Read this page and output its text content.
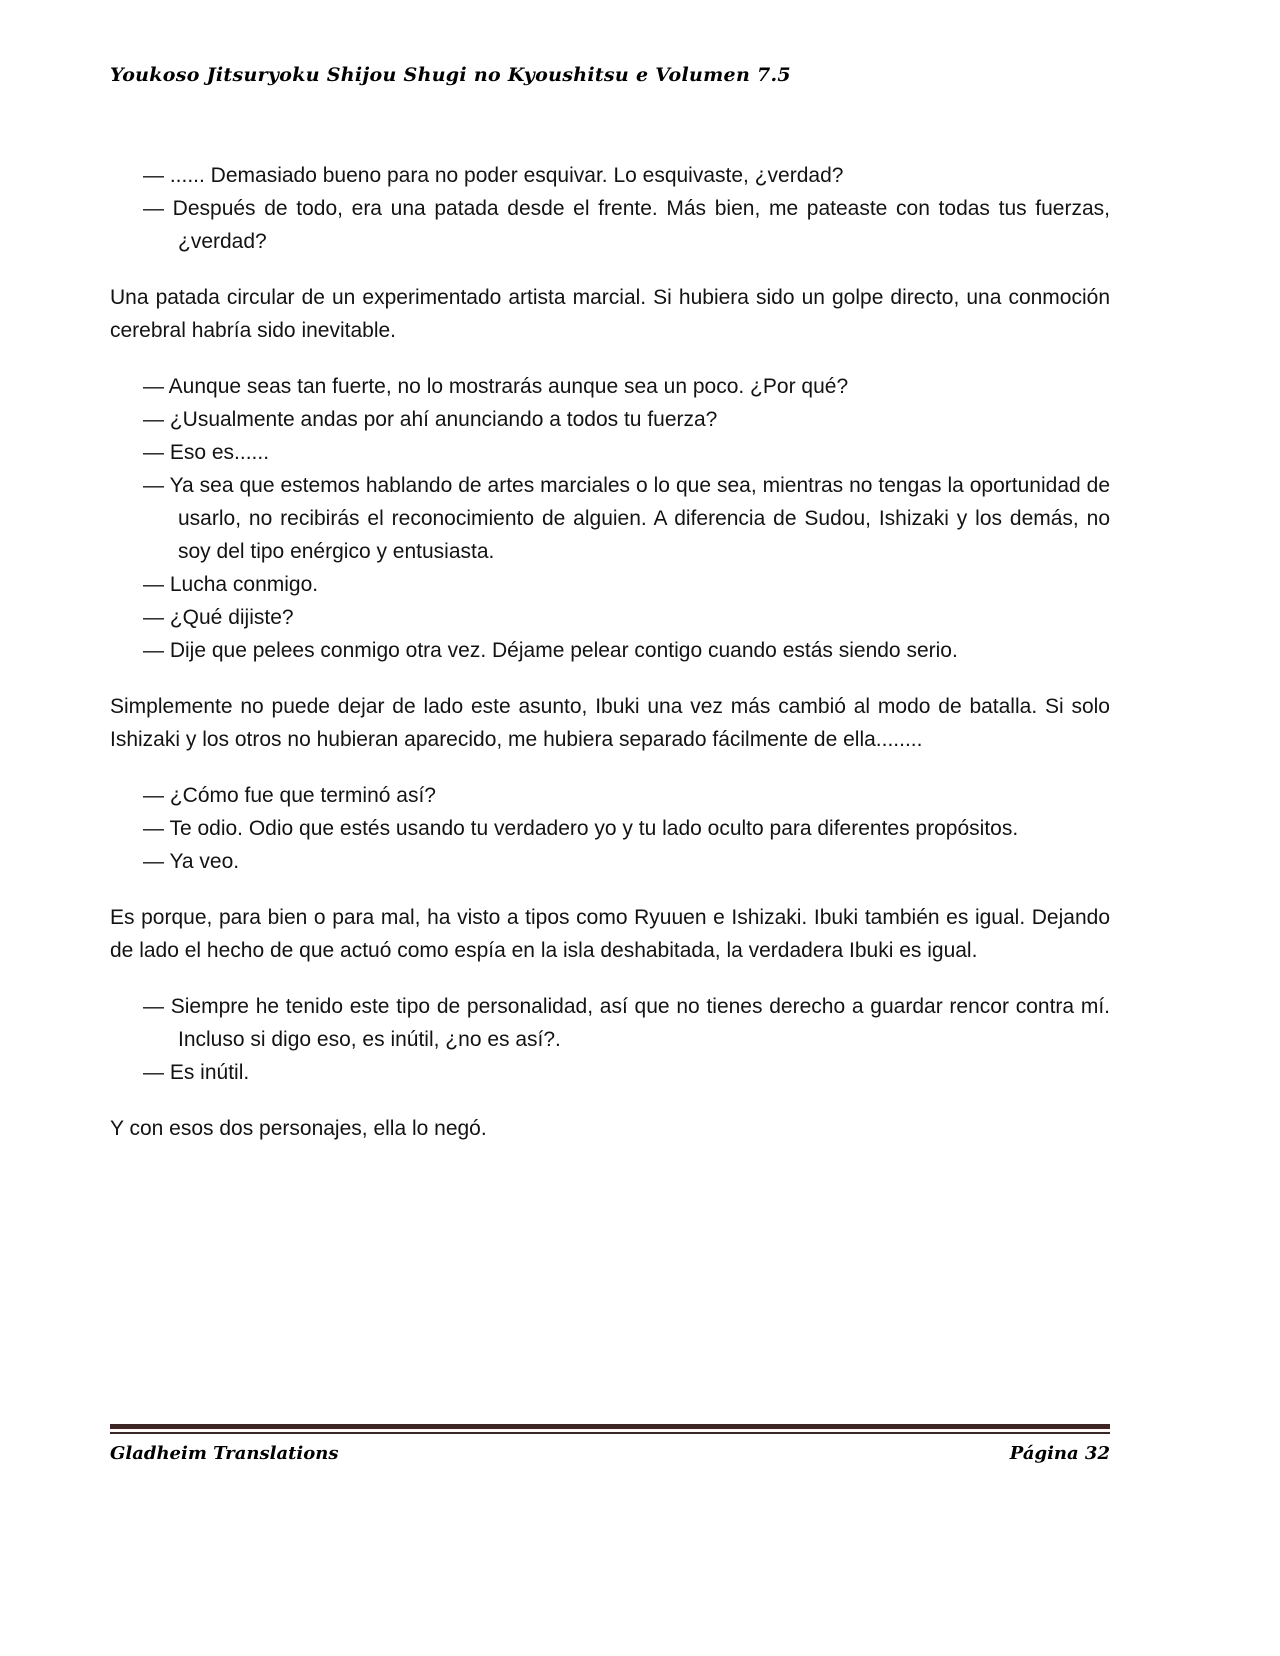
Youkoso Jitsuryoku Shijou Shugi no Kyoushitsu e Volumen 7.5

— ...... Demasiado bueno para no poder esquivar. Lo esquivaste, ¿verdad?

— Después de todo, era una patada desde el frente. Más bien, me pateaste con todas tus fuerzas, ¿verdad?

Una patada circular de un experimentado artista marcial. Si hubiera sido un golpe directo, una conmoción cerebral habría sido inevitable.

— Aunque seas tan fuerte, no lo mostrarás aunque sea un poco. ¿Por qué?

— ¿Usualmente andas por ahí anunciando a todos tu fuerza?

— Eso es......

— Ya sea que estemos hablando de artes marciales o lo que sea, mientras no tengas la oportunidad de usarlo, no recibirás el reconocimiento de alguien. A diferencia de Sudou, Ishizaki y los demás, no soy del tipo enérgico y entusiasta.

— Lucha conmigo.

— ¿Qué dijiste?

— Dije que pelees conmigo otra vez. Déjame pelear contigo cuando estás siendo serio.

Simplemente no puede dejar de lado este asunto, Ibuki una vez más cambió al modo de batalla. Si solo Ishizaki y los otros no hubieran aparecido, me hubiera separado fácilmente de ella........

— ¿Cómo fue que terminó así?

— Te odio. Odio que estés usando tu verdadero yo y tu lado oculto para diferentes propósitos.

— Ya veo.

Es porque, para bien o para mal, ha visto a tipos como Ryuuen e Ishizaki. Ibuki también es igual. Dejando de lado el hecho de que actuó como espía en la isla deshabitada, la verdadera Ibuki es igual.

— Siempre he tenido este tipo de personalidad, así que no tienes derecho a guardar rencor contra mí. Incluso si digo eso, es inútil, ¿no es así?.

— Es inútil.

Y con esos dos personajes, ella lo negó.

Gladheim Translations	Página 32
